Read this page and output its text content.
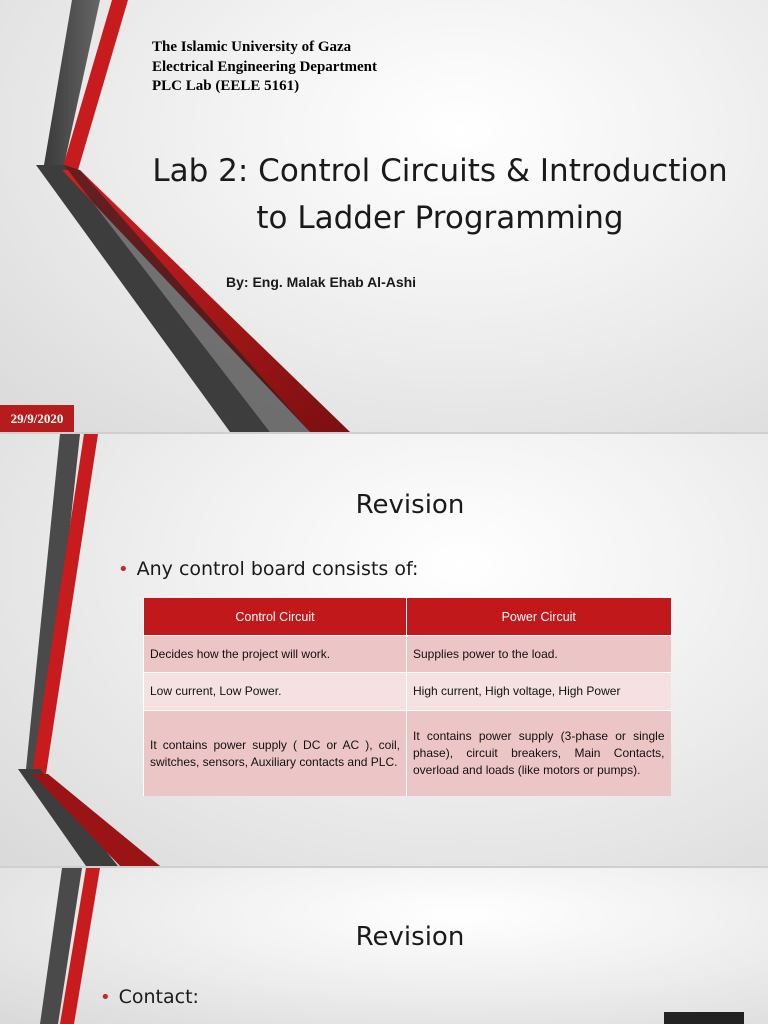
The Islamic University of Gaza
Electrical Engineering Department
PLC Lab (EELE 5161)
Lab 2: Control Circuits & Introduction
to Ladder Programming
By: Eng. Malak Ehab Al-Ashi
29/9/2020
Revision
• Any control board consists of:
Control Circuit	Power Circuit
Decides how the project will work.	Supplies power to the load.
Low current, Low Power.	High current, High voltage, High Power
It contains power supply ( DC or AC ), coil, switches, sensors, Auxiliary contacts and PLC.	It contains power supply (3-phase or single phase), circuit breakers, Main Contacts, overload and loads (like motors or pumps).
Revision
• Contact:
